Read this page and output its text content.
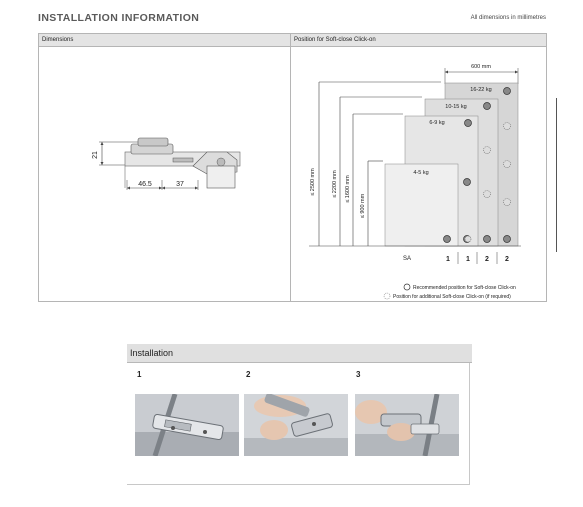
INSTALLATION INFORMATION	All dimensions in millimetres
Dimensions
21
46.5	37
Position for Soft-close Click-on
600 mm
16-22 kg
10-15 kg
6-9 kg
4-5 kg
≤ 2500 mm	≤ 2200 mm ≤ 1600 mm
≤ 900 mm
SA	1 1 2 2
Recommended position for Soft-close Click-on
Position for additional Soft-close Click-on (if required)
Installation
1	2	3
